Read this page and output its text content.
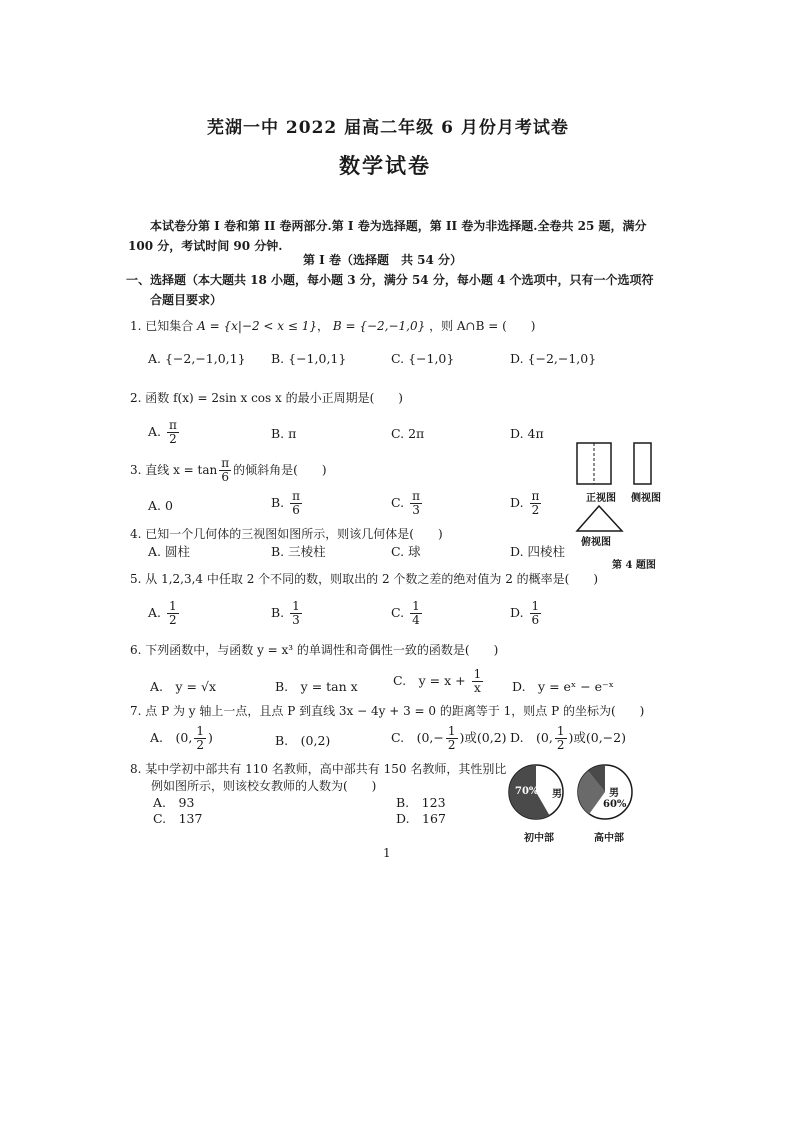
芜湖一中 2022 届高二年级 6 月份月考试卷
数学试卷
本试卷分第 I 卷和第 II 卷两部分.第 I 卷为选择题，第 II 卷为非选择题.全卷共 25 题，满分
100 分，考试时间 90 分钟.
第 I 卷（选择题　共 54 分）
一、选择题（本大题共 18 小题，每小题 3 分，满分 54 分，每小题 4 个选项中，只有一个选项符
合题目要求）
1. 已知集合 A = {x|−2 < x ≤ 1}， B = {−2,−1,0} ，则 A∩B = (　　)
A. {−2,−1,0,1} B. {−1,0,1}	C. {−1,0}	D. {−2,−1,0}
2. 函数 f(x) = 2sin x cos x 的最小正周期是(　　)
A. $\frac{\pi}{2}$	B. π	C. 2π	D. 4π
3. 直线 $x = \tan \frac{\pi}{6}$ 的倾斜角是(　　)
A. 0	B. $\frac{\pi}{6}$	C. $\frac{\pi}{3}$	D. $\frac{\pi}{2}$	正视图 侧视图
俯视图
第 4 题图
4. 已知一个几何体的三视图如图所示，则该几何体是(　　)
A. 圆柱	B. 三棱柱	C. 球	D. 四棱柱
5. 从 1,2,3,4 中任取 2 个不同的数，则取出的 2 个数之差的绝对值为 2 的概率是(　　)
A. $\frac{1}{2}$	B. $\frac{1}{3}$	C. $\frac{1}{4}$	D. $\frac{1}{6}$
6. 下列函数中，与函数 y = x³ 的单调性和奇偶性一致的函数是(　　)
A.　y = √x	B.　y = tan x	C.　$y = x + \frac{1}{x} D$.　y = eˣ − e⁻ˣ
7. 点 P 为 y 轴上一点，且点 P 到直线 3x − 4y + 3 = 0 的距离等于 1，则点 P 的坐标为(　　)
A.　(0, $\frac{1}{2}$ )	B.　(0,2)	C.　($0,- \frac{1}{2}$ )或(0,2) D.　(0, $\frac{1}{2}$ )或(0,−2)
8. 某中学初中部共有 110 名教师，高中部共有 150 名教师，其性别比
例如图所示，则该校女教师的人数为(　　)
A.　93	B.　123
C.　137	D.　167
70% 男	男
60%
初中部	高中部
1
